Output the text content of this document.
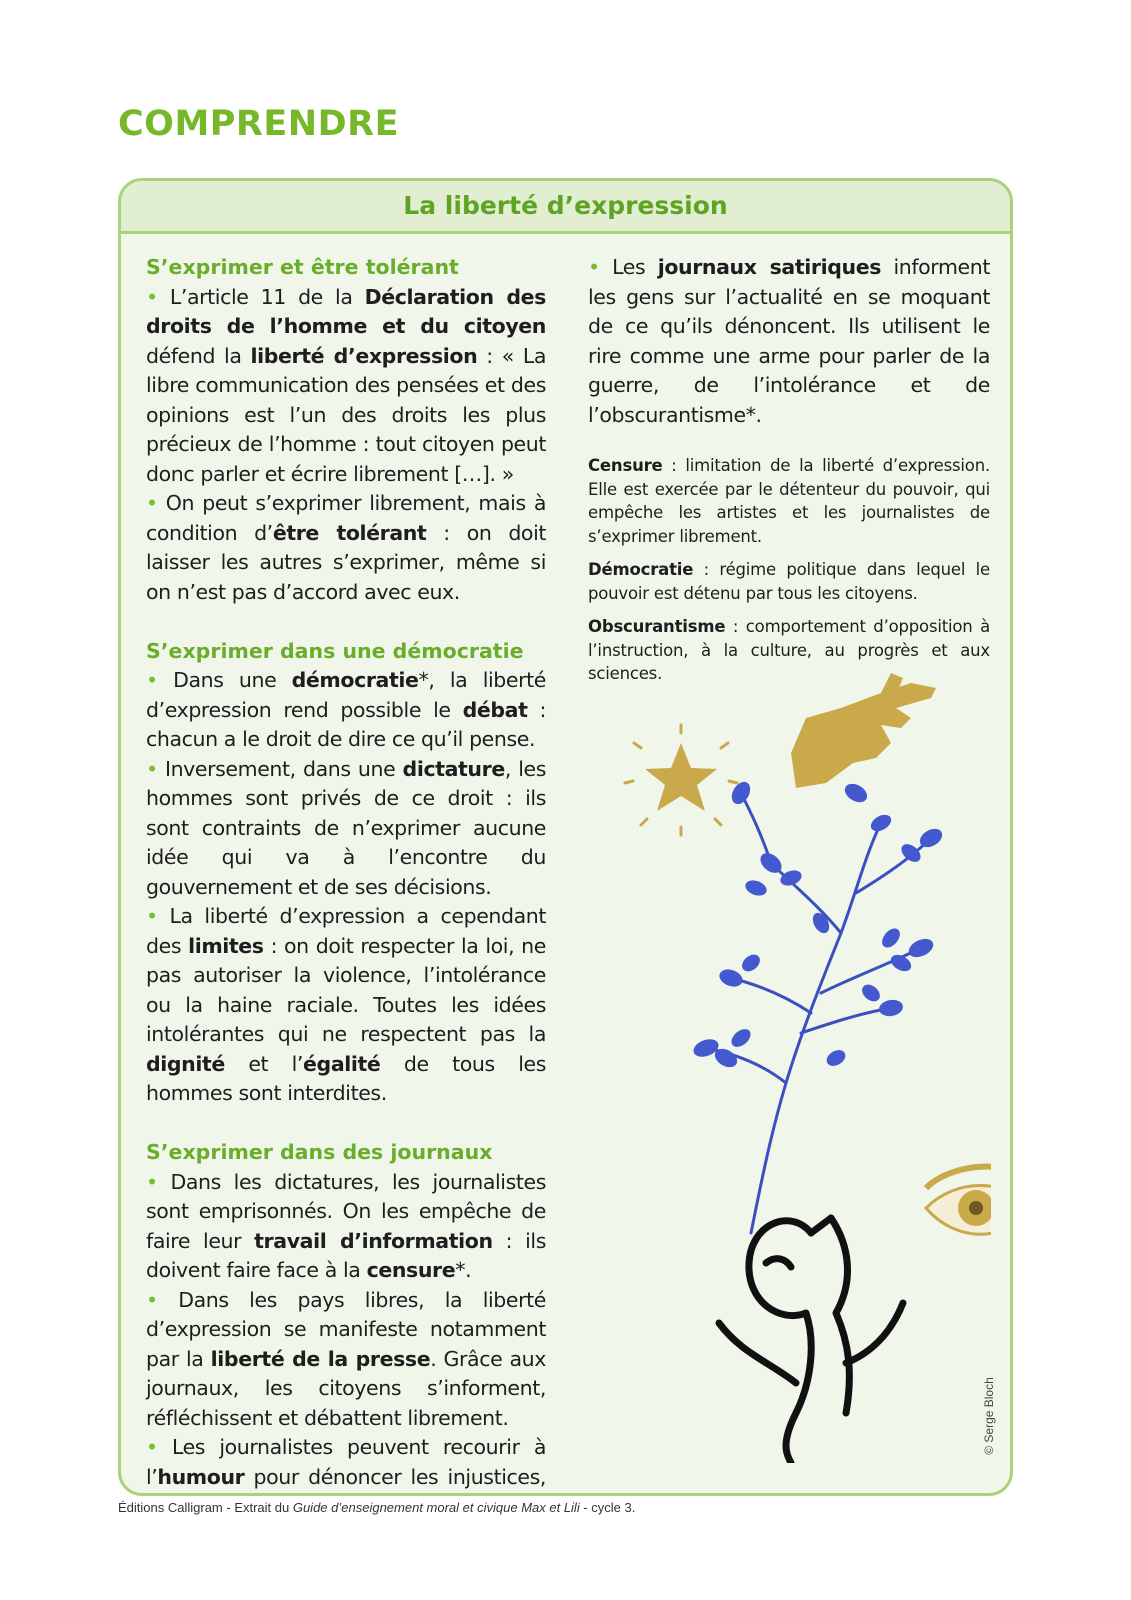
COMPRENDRE
La liberté d’expression
S’exprimer et être tolérant

• L’article 11 de la Déclaration des droits de l’homme et du citoyen défend la liberté d’expression : « La libre communication des pensées et des opinions est l’un des droits les plus précieux de l’homme : tout citoyen peut donc parler et écrire librement […]. »

• On peut s’exprimer librement, mais à condition d’être tolérant : on doit laisser les autres s’exprimer, même si on n’est pas d’accord avec eux.

S’exprimer dans une démocratie

• Dans une démocratie*, la liberté d’expression rend possible le débat : chacun a le droit de dire ce qu’il pense.

• Inversement, dans une dictature, les hommes sont privés de ce droit : ils sont contraints de n’exprimer aucune idée qui va à l’encontre du gouvernement et de ses décisions.

• La liberté d’expression a cependant des limites : on doit respecter la loi, ne pas autoriser la violence, l’intolérance ou la haine raciale. Toutes les idées intolérantes qui ne respectent pas la dignité et l’égalité de tous les hommes sont interdites.

S’exprimer dans des journaux

• Dans les dictatures, les journalistes sont emprisonnés. On les empêche de faire leur travail d’information : ils doivent faire face à la censure*.

• Dans les pays libres, la liberté d’expression se manifeste notamment par la liberté de la presse. Grâce aux journaux, les citoyens s’informent, réfléchissent et débattent librement.

• Les journalistes peuvent recourir à l’humour pour dénoncer les injustices,

• Les journaux satiriques informent les gens sur l’actualité en se moquant de ce qu’ils dénoncent. Ils utilisent le rire comme une arme pour parler de la guerre, de l’intolérance et de l’obscurantisme*.

Censure : limitation de la liberté d’expression. Elle est exercée par le détenteur du pouvoir, qui empêche les artistes et les journalistes de s’exprimer librement.

Démocratie : régime politique dans lequel le pouvoir est détenu par tous les citoyens.

Obscurantisme : comportement d’opposition à l’instruction, à la culture, au progrès et aux sciences.

© Serge Bloch

Éditions Calligram - Extrait du Guide d’enseignement moral et civique Max et Lili - cycle 3.
